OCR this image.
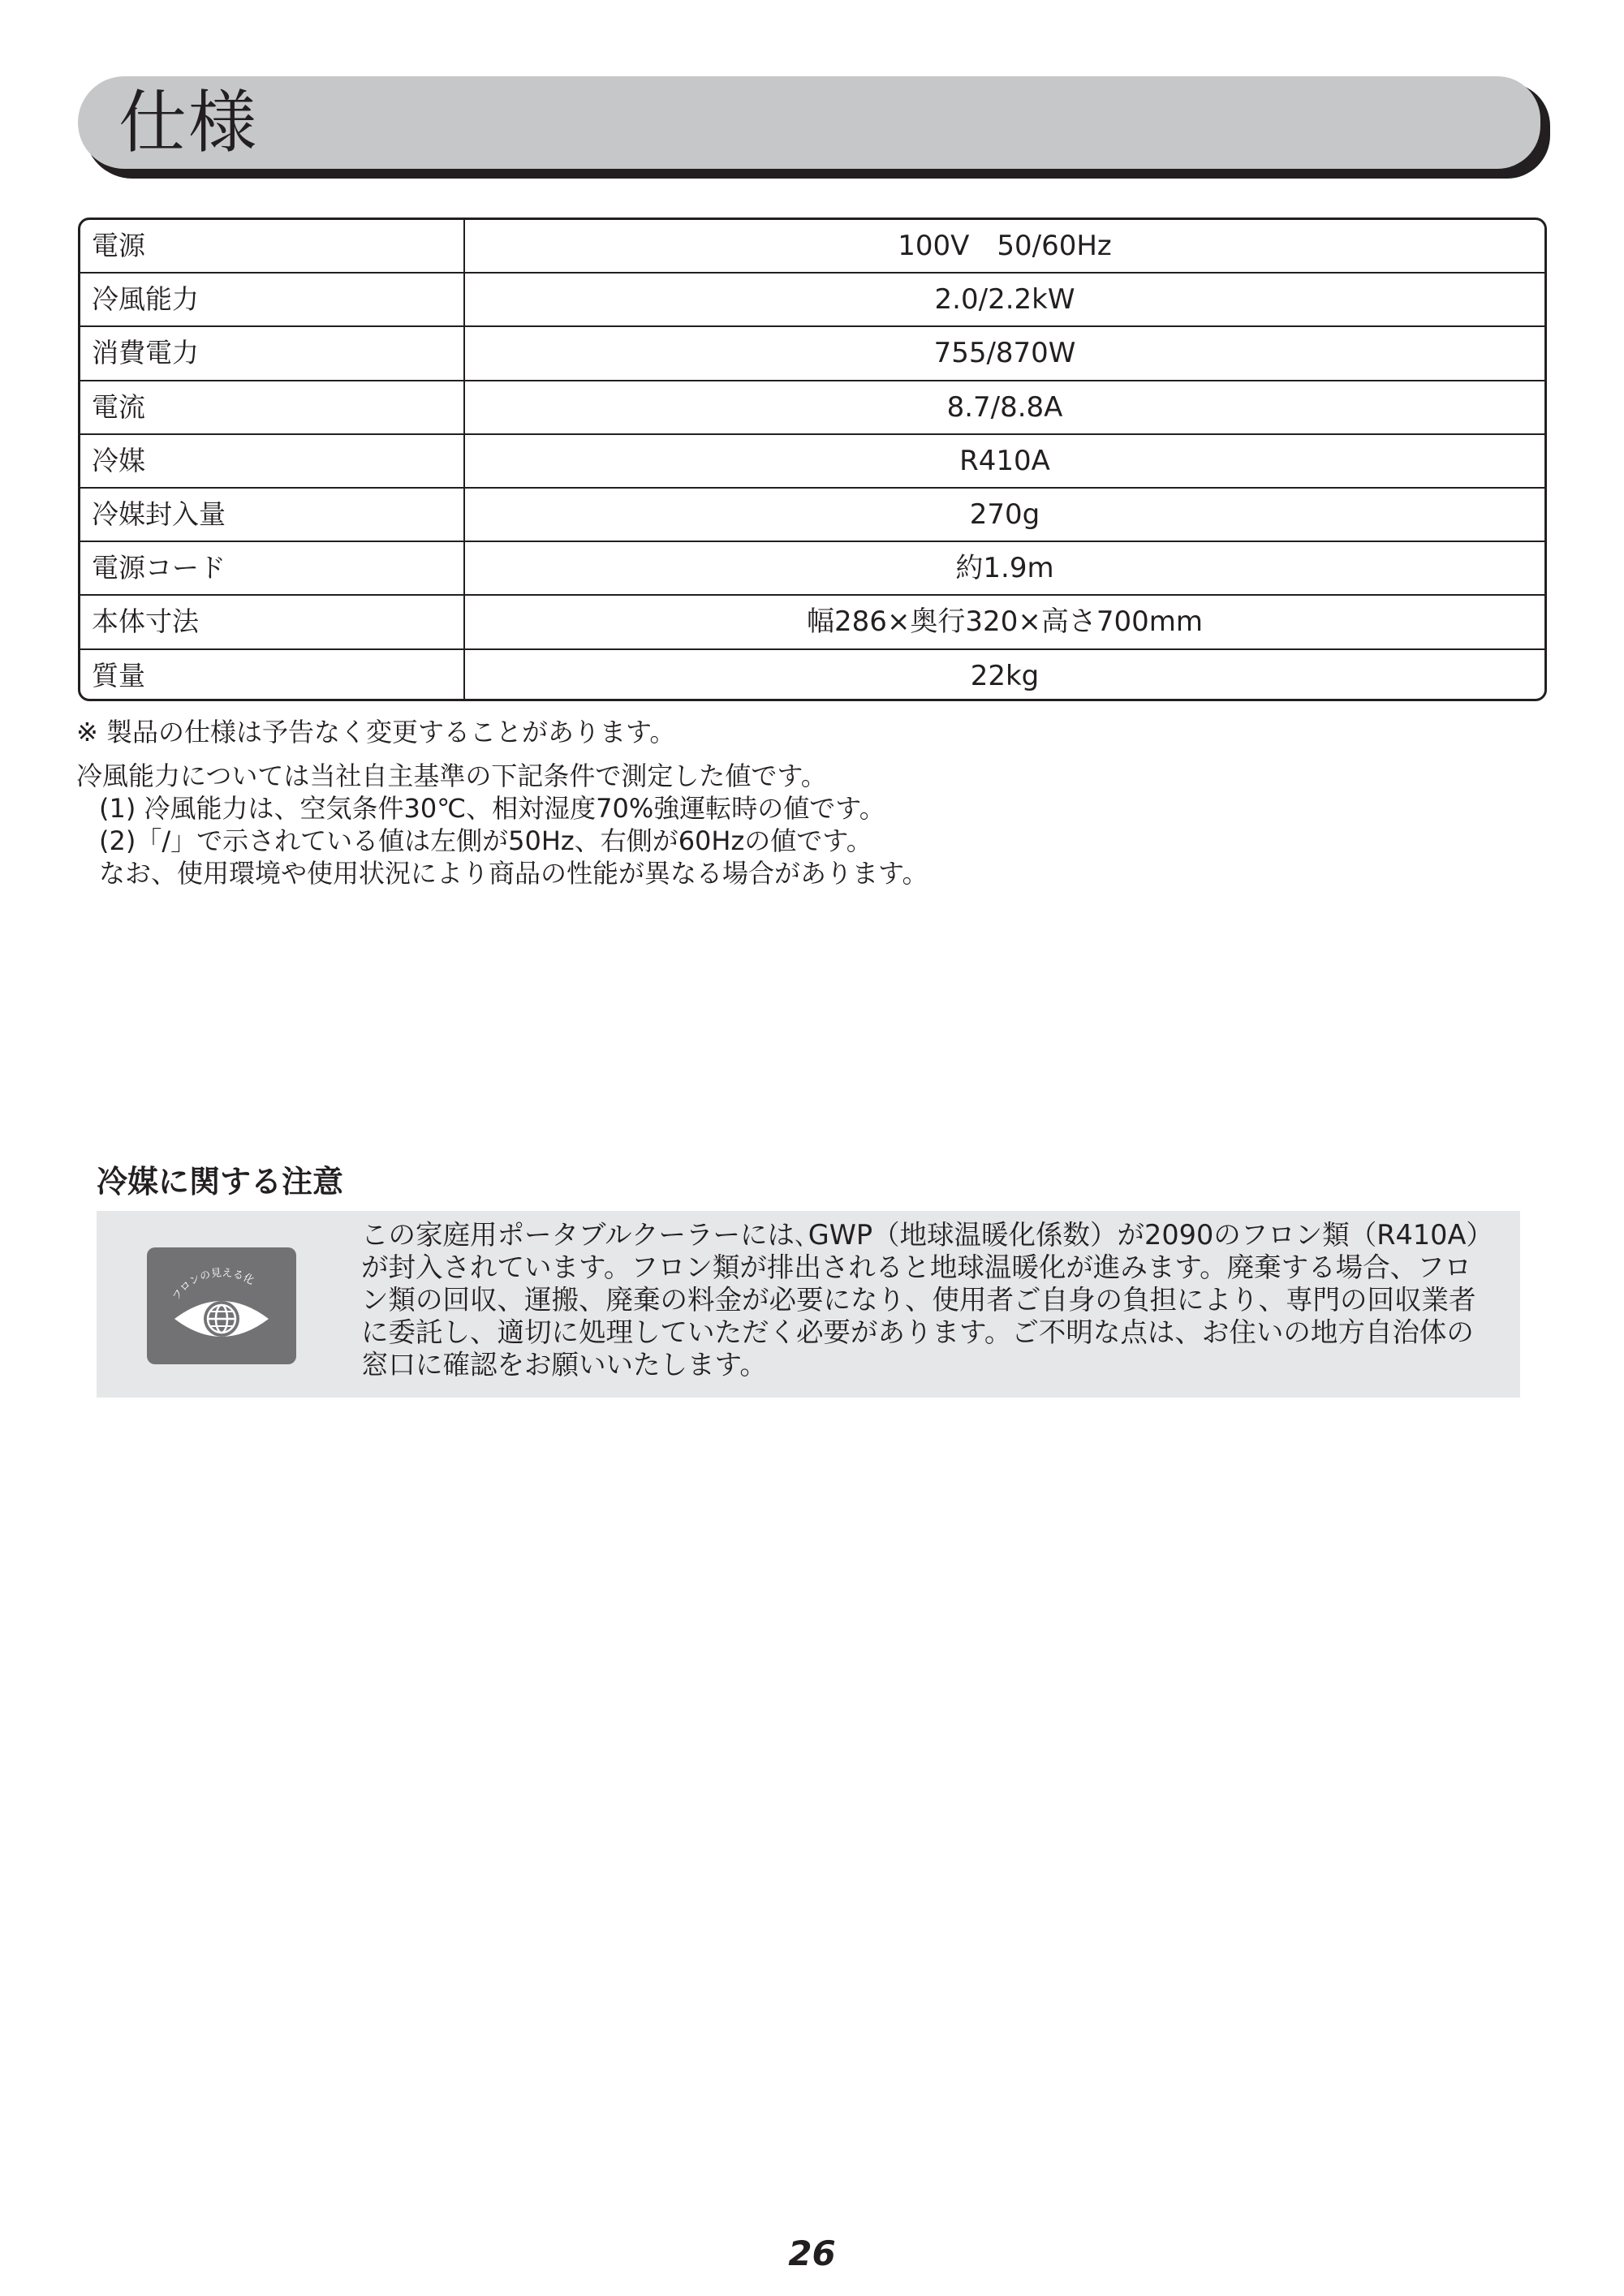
仕様
電源	100V　50/60Hz
冷風能力	2.0/2.2kW
消費電力	755/870W
電流	8.7/8.8A
冷媒	R410A
冷媒封入量	270g
電源コード	約1.9m
本体寸法	幅286×奥行320×高さ700mm
質量	22kg
※ 製品の仕様は予告なく変更することがあります。
冷風能力については当社自主基準の下記条件で測定した値です。
(1) 冷風能力は、空気条件30℃、相対湿度70%強運転時の値です。
(2)「/」で示されている値は左側が50Hz、右側が60Hzの値です。
なお、使用環境や使用状況により商品の性能が異なる場合があります。
冷媒に関する注意
フロンの見える化
この家庭用ポータブルクーラーには､GWP（地球温暖化係数）が2090のフロン類（R410A）
が封入されています。フロン類が排出されると地球温暖化が進みます。廃棄する場合、フロ
ン類の回収、運搬、廃棄の料金が必要になり、使用者ご自身の負担により、専門の回収業者
に委託し、適切に処理していただく必要があります。ご不明な点は、お住いの地方自治体の
窓口に確認をお願いいたします。
26
